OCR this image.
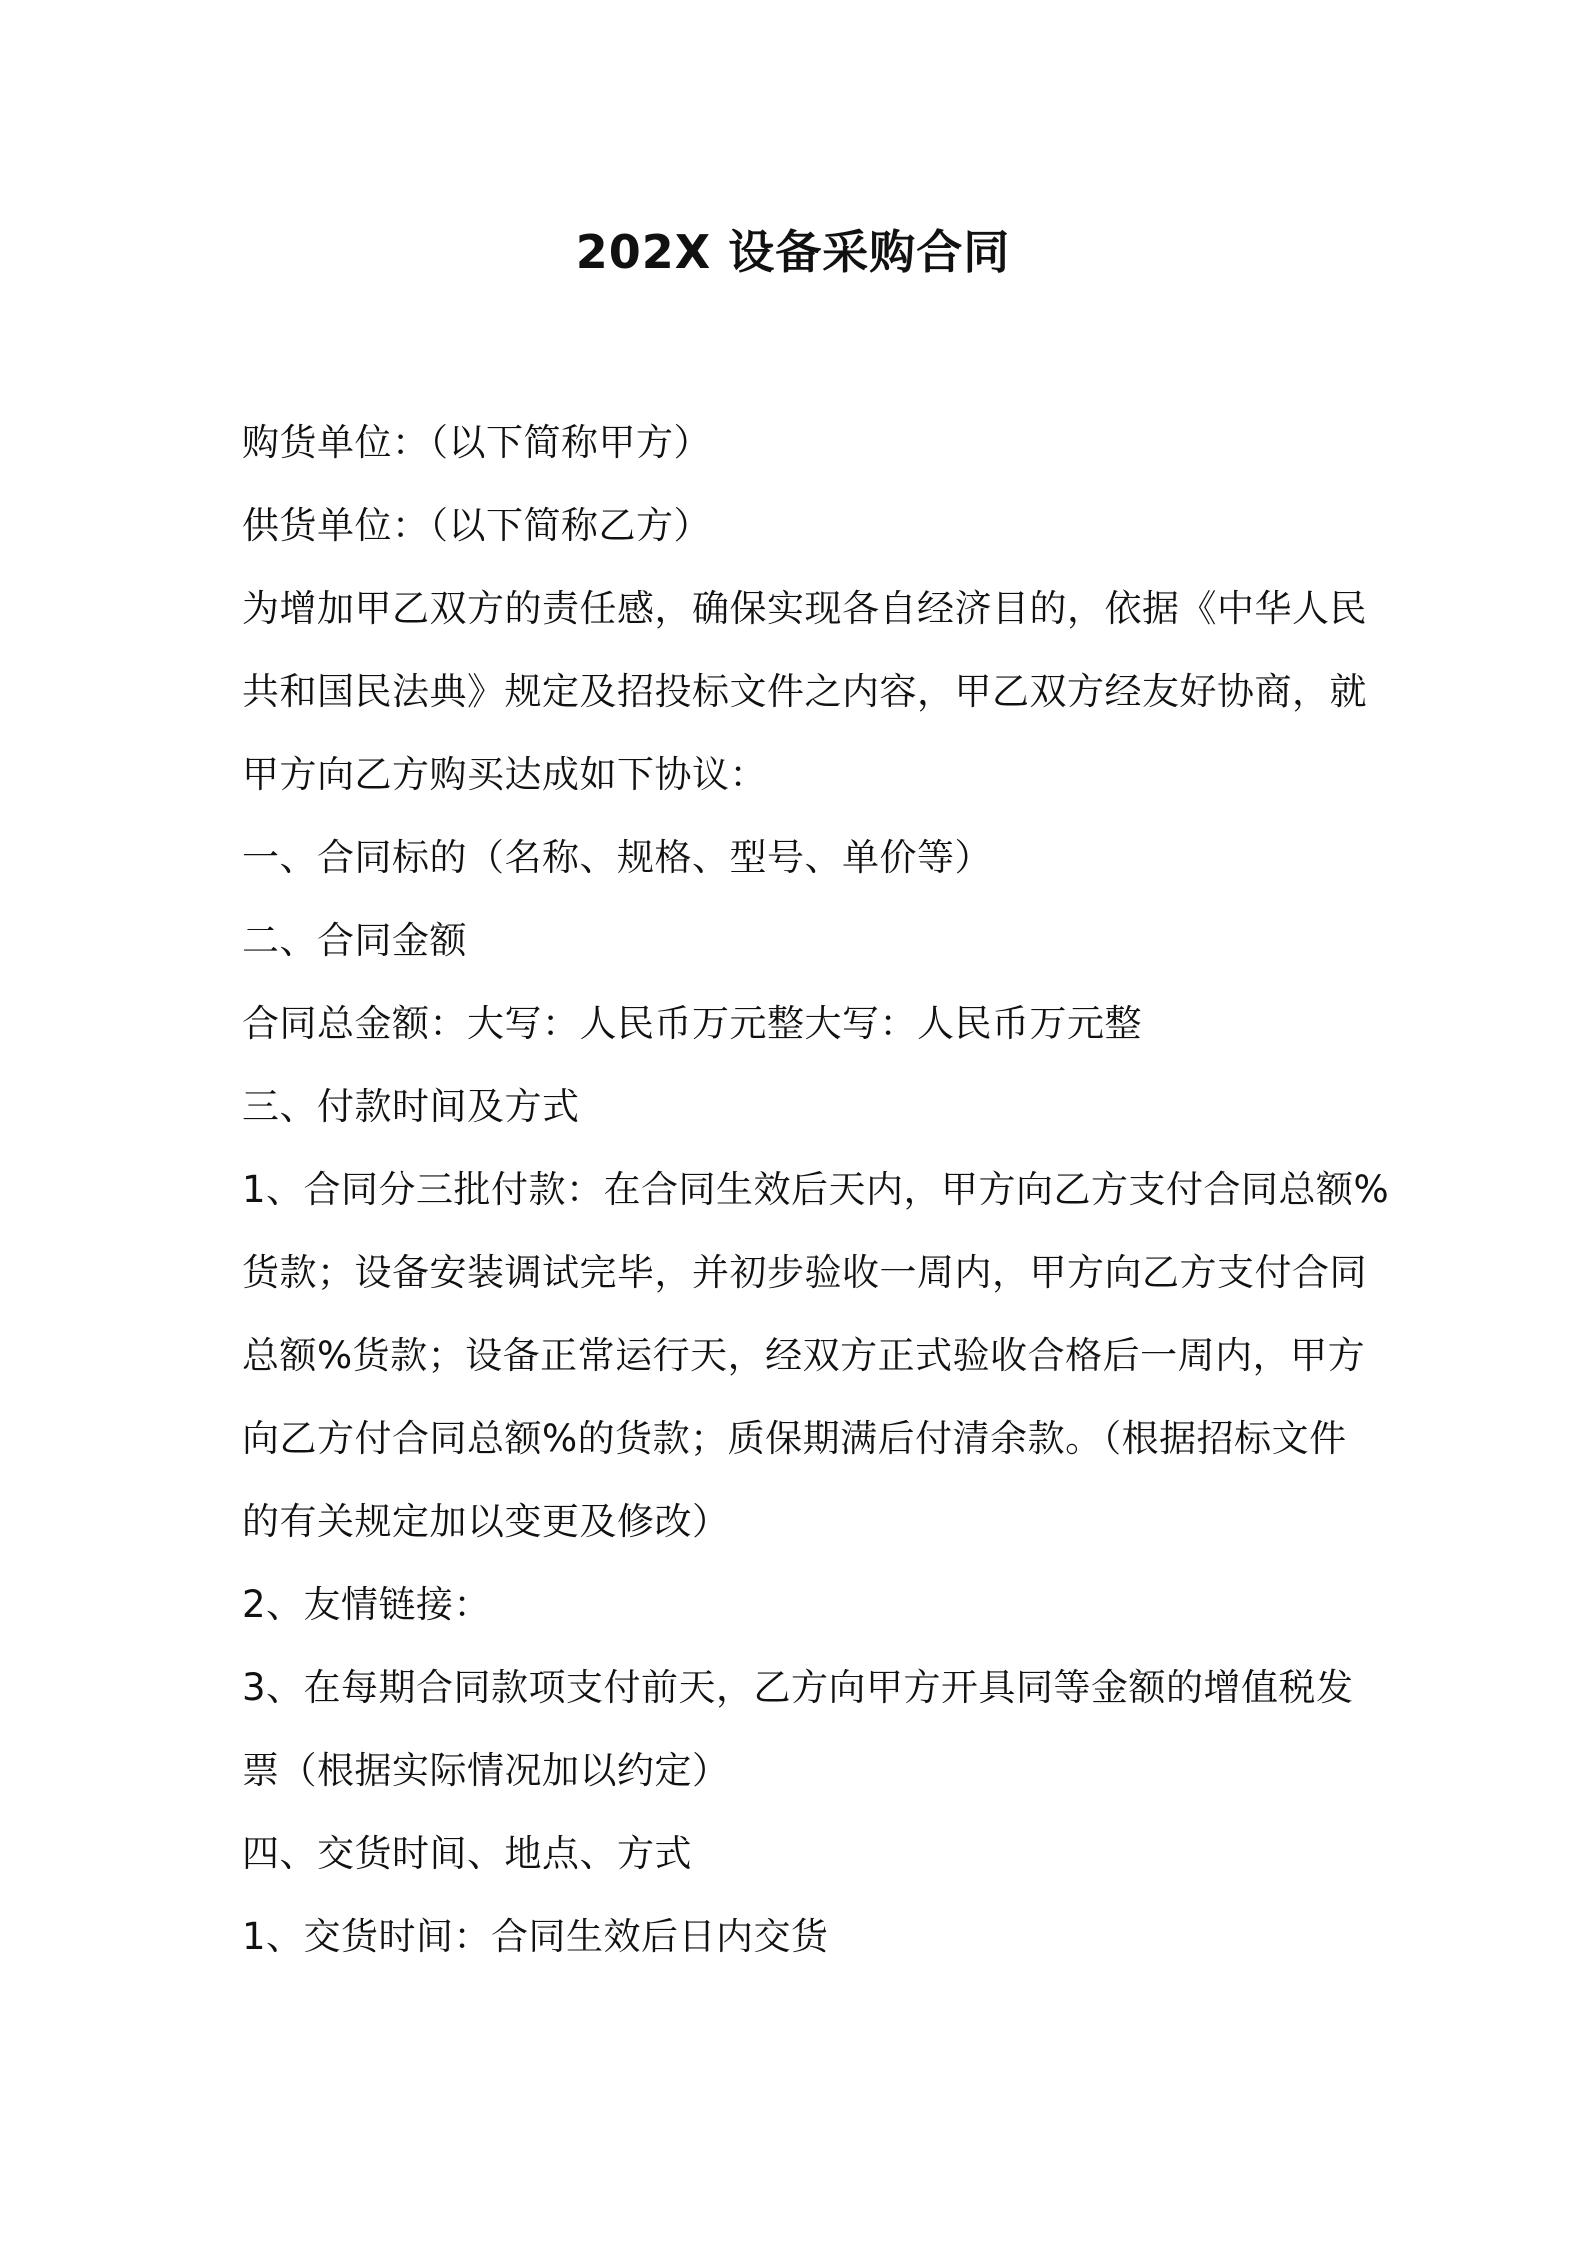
202X 设备采购合同
购货单位：（以下简称甲方）
供货单位：（以下简称乙方）
为增加甲乙双方的责任感，确保实现各自经济目的，依据《中华人民
共和国民法典》规定及招投标文件之内容，甲乙双方经友好协商，就
甲方向乙方购买达成如下协议：
一、合同标的（名称、规格、型号、单价等）
二、合同金额
合同总金额：大写：人民币万元整大写：人民币万元整
三、付款时间及方式
1、合同分三批付款：在合同生效后天内，甲方向乙方支付合同总额%
货款；设备安装调试完毕，并初步验收一周内，甲方向乙方支付合同
总额%货款；设备正常运行天，经双方正式验收合格后一周内，甲方
向乙方付合同总额%的货款；质保期满后付清余款。（根据招标文件
的有关规定加以变更及修改）
2、友情链接：
3、在每期合同款项支付前天，乙方向甲方开具同等金额的增值税发
票（根据实际情况加以约定）
四、交货时间、地点、方式
1、交货时间：合同生效后日内交货
